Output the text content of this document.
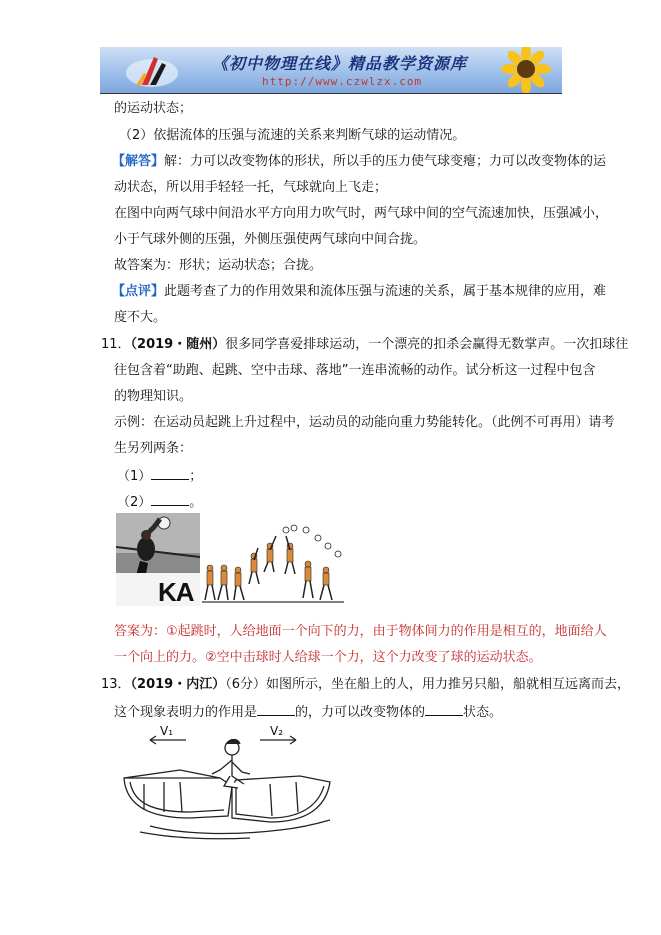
《初中物理在线》精品教学资源库
http://www.czwlzx.com
的运动状态；
（2）依据流体的压强与流速的关系来判断气球的运动情况。
【解答】解：力可以改变物体的形状，所以手的压力使气球变瘪；力可以改变物体的运
动状态，所以用手轻轻一托，气球就向上飞走；
在图中向两气球中间沿水平方向用力吹气时，两气球中间的空气流速加快，压强减小，
小于气球外侧的压强，外侧压强使两气球向中间合拢。
故答案为：形状；运动状态；合拢。
【点评】此题考查了力的作用效果和流体压强与流速的关系，属于基本规律的应用，难
度不大。
11．（2019・随州）很多同学喜爱排球运动，一个漂亮的扣杀会赢得无数掌声。一次扣球往
往包含着“助跑、起跳、空中击球、落地”一连串流畅的动作。试分析这一过程中包含
的物理知识。
示例：在运动员起跳上升过程中，运动员的动能向重力势能转化。（此例不可再用）请考
生另列两条：
（1）	；
（2）	。
KA
答案为：①起跳时，人给地面一个向下的力，由于物体间力的作用是相互的，地面给人
一个向上的力。②空中击球时人给球一个力，这个力改变了球的运动状态。
13．（2019・内江）（6分）如图所示，坐在船上的人，用力推另只船，船就相互远离而去，
这个现象表明力的作用是	的，力可以改变物体的	状态。
V₁	V₂
